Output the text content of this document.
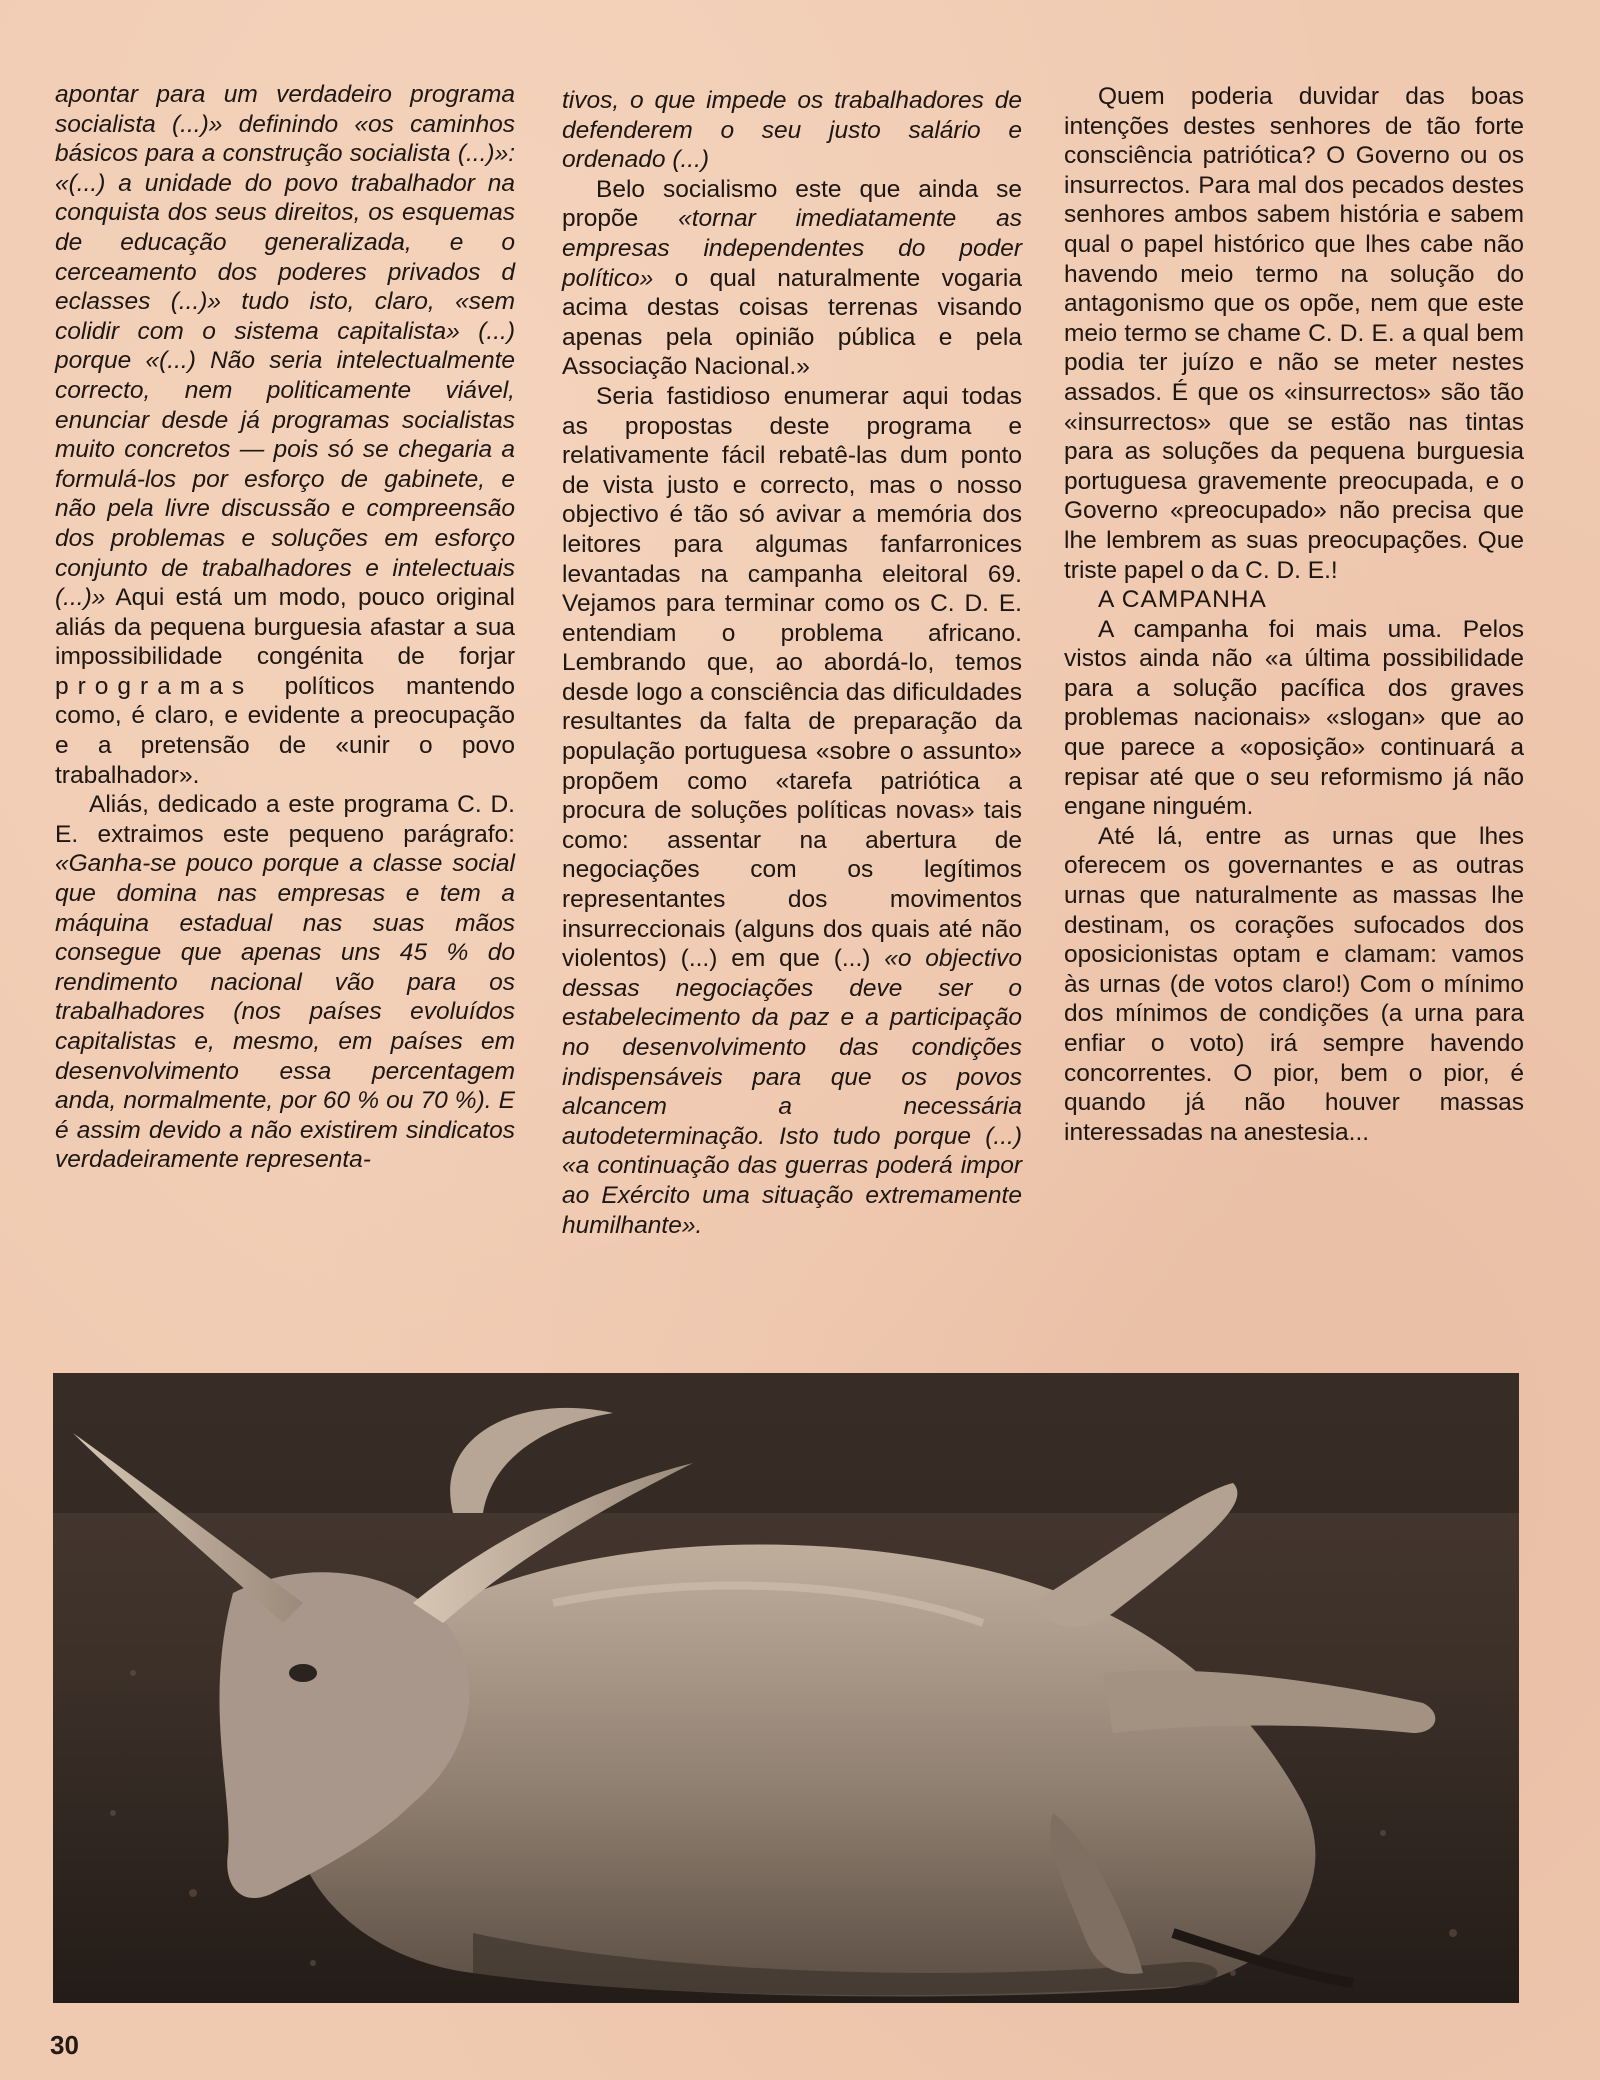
apontar para um verdadeiro programa socialista (...)» definindo «os caminhos básicos para a construção socialista (...)»: «(...) a unidade do povo trabalhador na conquista dos seus direitos, os esquemas de educação generalizada, e o cerceamento dos poderes privados d eclasses (...)» tudo isto, claro, «sem colidir com o sistema capitalista» (...) porque «(...) Não seria intelectualmente correcto, nem politicamente viável, enunciar desde já programas socialistas muito concretos — pois só se chegaria a formulá-los por esforço de gabinete, e não pela livre discussão e compreensão dos problemas e soluções em esforço conjunto de trabalhadores e intelectuais (...)» Aqui está um modo, pouco original aliás da pequena burguesia afastar a sua impossibilidade congénita de forjar programas políticos mantendo como, é claro, e evidente a preocupação e a pretensão de «unir o povo trabalhador».

Aliás, dedicado a este programa C. D. E. extraimos este pequeno parágrafo: «Ganha-se pouco porque a classe social que domina nas empresas e tem a máquina estadual nas suas mãos consegue que apenas uns 45 % do rendimento nacional vão para os trabalhadores (nos países evoluídos capitalistas e, mesmo, em países em desenvolvimento essa percentagem anda, normalmente, por 60 % ou 70 %). E é assim devido a não existirem sindicatos verdadeiramente representa-

tivos, o que impede os trabalhadores de defenderem o seu justo salário e ordenado (...)

Belo socialismo este que ainda se propõe «tornar imediatamente as empresas independentes do poder político» o qual naturalmente vogaria acima destas coisas terrenas visando apenas pela opinião pública e pela Associação Nacional.»

Seria fastidioso enumerar aqui todas as propostas deste programa e relativamente fácil rebatê-las dum ponto de vista justo e correcto, mas o nosso objectivo é tão só avivar a memória dos leitores para algumas fanfarronices levantadas na campanha eleitoral 69. Vejamos para terminar como os C. D. E. entendiam o problema africano. Lembrando que, ao abordá-lo, temos desde logo a consciência das dificuldades resultantes da falta de preparação da população portuguesa «sobre o assunto» propõem como «tarefa patriótica a procura de soluções políticas novas» tais como: assentar na abertura de negociações com os legítimos representantes dos movimentos insurreccionais (alguns dos quais até não violentos) (...) em que (...) «o objectivo dessas negociações deve ser o estabelecimento da paz e a participação no desenvolvimento das condições indispensáveis para que os povos alcancem a necessária autodeterminação. Isto tudo porque (...) «a continuação das guerras poderá impor ao Exército uma situação extremamente humilhante».

Quem poderia duvidar das boas intenções destes senhores de tão forte consciência patriótica? O Governo ou os insurrectos. Para mal dos pecados destes senhores ambos sabem história e sabem qual o papel histórico que lhes cabe não havendo meio termo na solução do antagonismo que os opõe, nem que este meio termo se chame C. D. E. a qual bem podia ter juízo e não se meter nestes assados. É que os «insurrectos» são tão «insurrectos» que se estão nas tintas para as soluções da pequena burguesia portuguesa gravemente preocupada, e o Governo «preocupado» não precisa que lhe lembrem as suas preocupações. Que triste papel o da C. D. E.!

A CAMPANHA

A campanha foi mais uma. Pelos vistos ainda não «a última possibilidade para a solução pacífica dos graves problemas nacionais» «slogan» que ao que parece a «oposição» continuará a repisar até que o seu reformismo já não engane ninguém.

Até lá, entre as urnas que lhes oferecem os governantes e as outras urnas que naturalmente as massas lhe destinam, os corações sufocados dos oposicionistas optam e clamam: vamos às urnas (de votos claro!) Com o mínimo dos mínimos de condições (a urna para enfiar o voto) irá sempre havendo concorrentes. O pior, bem o pior, é quando já não houver massas interessadas na anestesia...

30
